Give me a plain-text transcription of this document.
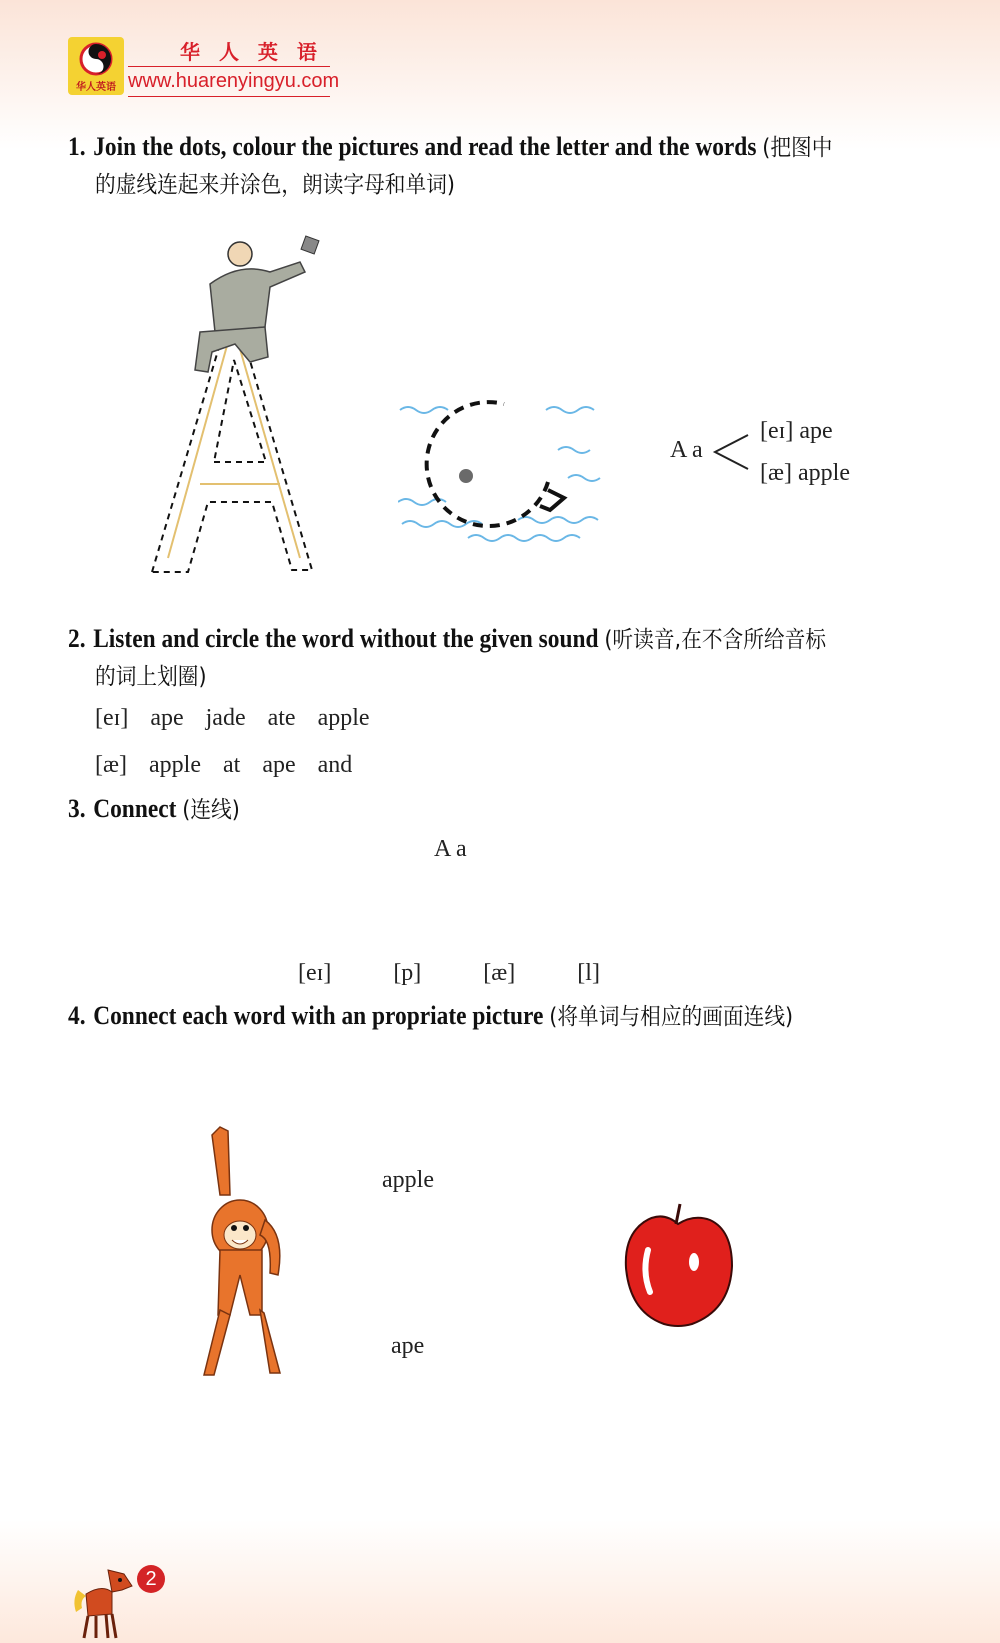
华人英语
华 人 英 语
www.huarenyingyu.com
1. Join the dots, colour the pictures and read the letter and the words (把图中
的虚线连起来并涂色，朗读字母和单词)
A a
[eɪ] ape
[æ] apple
2. Listen and circle the word without the given sound (听读音,在不含所给音标
的词上划圈)
[eɪ] ape jade ate apple
[æ] apple at ape and
3. Connect (连线)
A a
[eɪ]	[p]	[æ]	[l]
4. Connect each word with an propriate picture (将单词与相应的画面连线)
apple
ape
2
